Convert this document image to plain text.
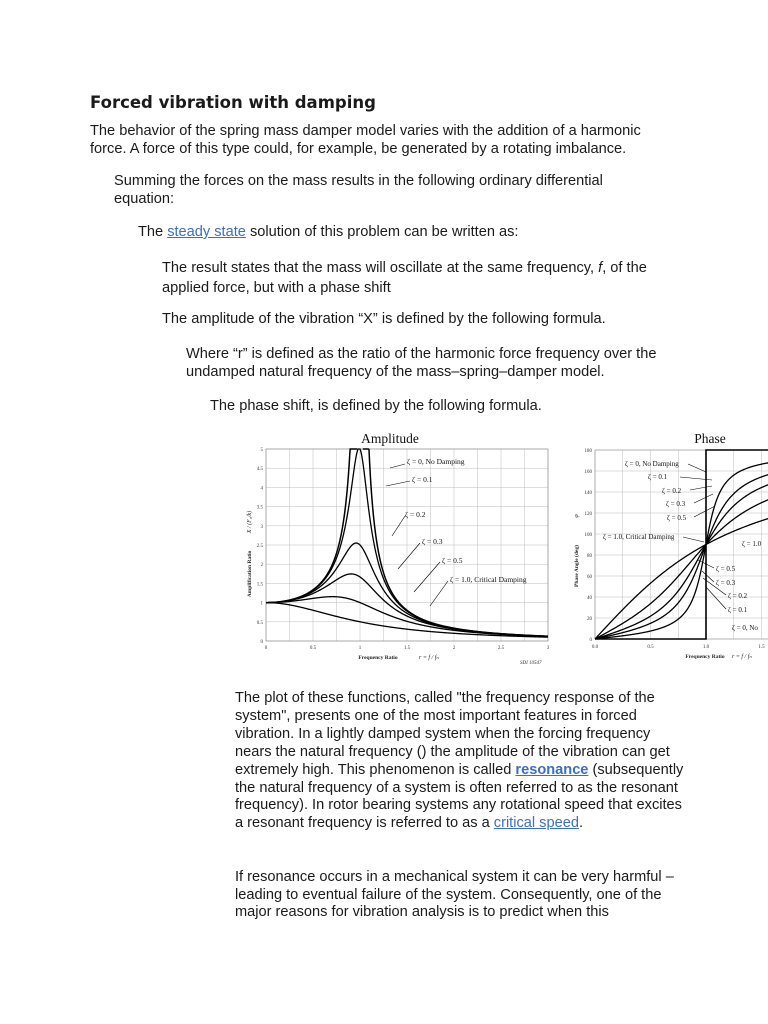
Forced vibration with damping

The behavior of the spring mass damper model varies with the addition of a harmonic force. A force of this type could, for example, be generated by a rotating imbalance.

Summing the forces on the mass results in the following ordinary differential equation:

The steady state solution of this problem can be written as:

The result states that the mass will oscillate at the same frequency, f, of the applied force, but with a phase shift

The amplitude of the vibration “X” is defined by the following formula.

Where “r” is defined as the ratio of the harmonic force frequency over the undamped natural frequency of the mass–spring–damper model.

The phase shift, is defined by the following formula.

Amplitude
0	0.5	1	1.5	2	2.5	3
0
0.5
1
1.5
2
2.5
3
3.5
4
4.5
5
Frequency Ratio	r = f / fₙ
SDI 10547
Amplification Ratio
X / (F₀/k)
ζ = 0, No Damping
ζ = 0.1
ζ = 0.2
ζ = 0.3
ζ = 0.5
ζ = 1.0, Critical Damping
Phase
0.0	0.5	1.0	1.5
0
20
40
60
80
100
120
140
160
180
Frequency Ratio r = f / fₙ
Phase Angle (deg)
φ
ζ = 0, No Damping
ζ = 0.1
ζ = 0.2
ζ = 0.3
ζ = 0.5
ζ = 1.0, Critical Damping
ζ = 1.0
ζ = 0.5
ζ = 0.3
ζ = 0.2
ζ = 0.1
ζ = 0, No

The plot of these functions, called "the frequency response of the system", presents one of the most important features in forced vibration. In a lightly damped system when the forcing frequency nears the natural frequency () the amplitude of the vibration can get extremely high. This phenomenon is called resonance (subsequently the natural frequency of a system is often referred to as the resonant frequency). In rotor bearing systems any rotational speed that excites a resonant frequency is referred to as a critical speed.

If resonance occurs in a mechanical system it can be very harmful – leading to eventual failure of the system. Consequently, one of the major reasons for vibration analysis is to predict when this
